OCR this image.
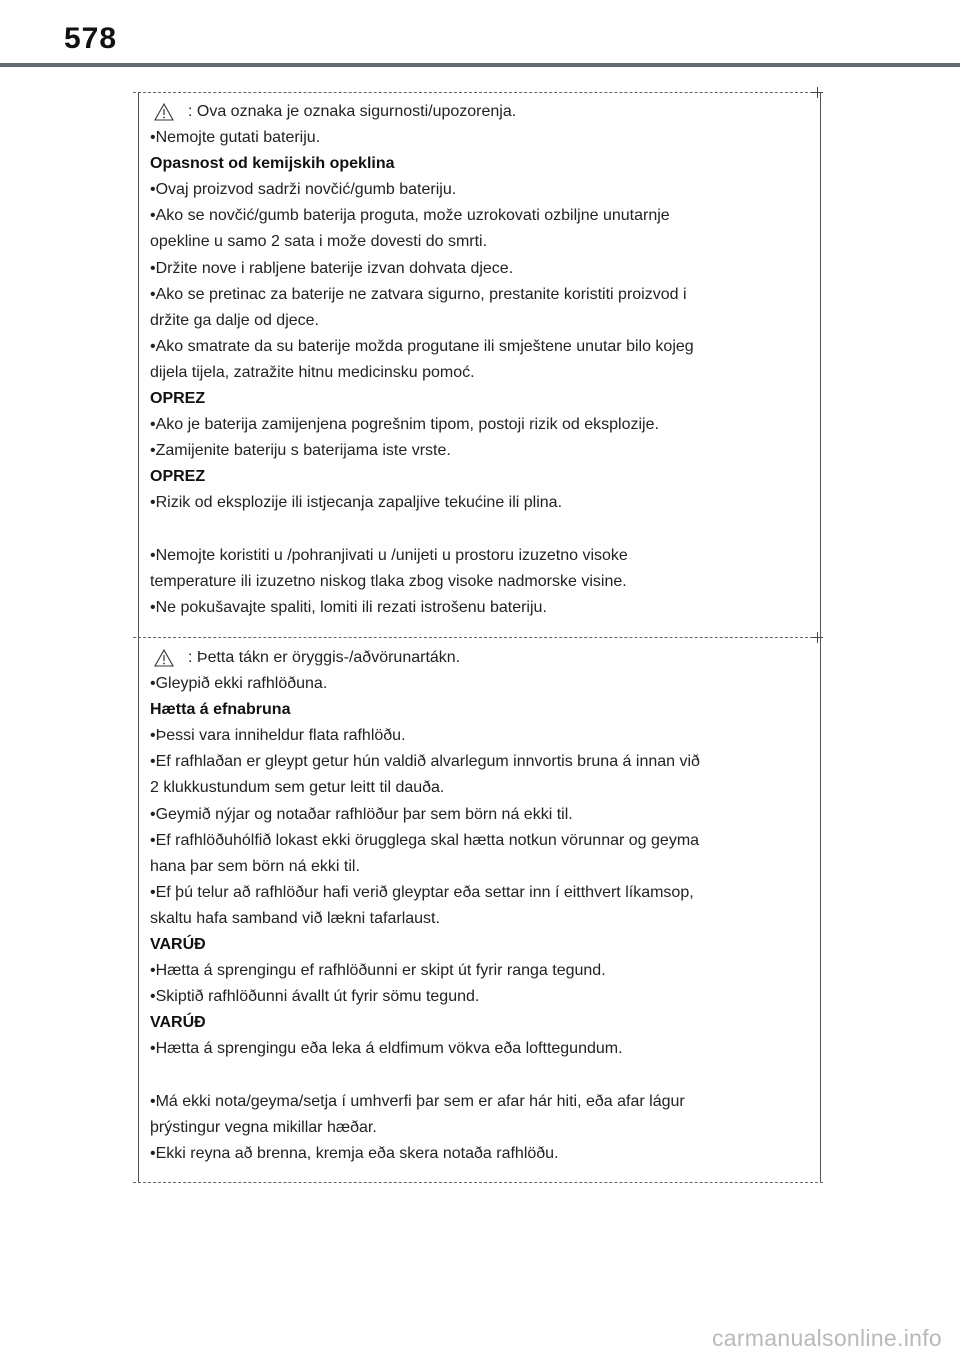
578

: Ova oznaka je oznaka sigurnosti/upozorenja.

•Nemojte gutati bateriju.

Opasnost od kemijskih opeklina

•Ovaj proizvod sadrži novčić/gumb bateriju.

•Ako se novčić/gumb baterija proguta, može uzrokovati ozbiljne unutarnje

opekline u samo 2 sata i može dovesti do smrti.

•Držite nove i rabljene baterije izvan dohvata djece.

•Ako se pretinac za baterije ne zatvara sigurno, prestanite koristiti proizvod i

držite ga dalje od djece.

•Ako smatrate da su baterije možda progutane ili smještene unutar bilo kojeg

dijela tijela, zatražite hitnu medicinsku pomoć.

OPREZ

•Ako je baterija zamijenjena pogrešnim tipom, postoji rizik od eksplozije.

•Zamijenite bateriju s baterijama iste vrste.

OPREZ

•Rizik od eksplozije ili istjecanja zapaljive tekućine ili plina.

•Nemojte koristiti u /pohranjivati u /unijeti u prostoru izuzetno visoke

temperature ili izuzetno niskog tlaka zbog visoke nadmorske visine.

•Ne pokušavajte spaliti, lomiti ili rezati istrošenu bateriju.

: Þetta tákn er öryggis-/aðvörunartákn.

•Gleypið ekki rafhlöðuna.

Hætta á efnabruna

•Þessi vara inniheldur flata rafhlöðu.

•Ef rafhlaðan er gleypt getur hún valdið alvarlegum innvortis bruna á innan við

2 klukkustundum sem getur leitt til dauða.

•Geymið nýjar og notaðar rafhlöður þar sem börn ná ekki til.

•Ef rafhlöðuhólfið lokast ekki örugglega skal hætta notkun vörunnar og geyma

hana þar sem börn ná ekki til.

•Ef þú telur að rafhlöður hafi verið gleyptar eða settar inn í eitthvert líkamsop,

skaltu hafa samband við lækni tafarlaust.

VARÚÐ

•Hætta á sprengingu ef rafhlöðunni er skipt út fyrir ranga tegund.

•Skiptið rafhlöðunni ávallt út fyrir sömu tegund.

VARÚÐ

•Hætta á sprengingu eða leka á eldfimum vökva eða lofttegundum.

•Má ekki nota/geyma/setja í umhverfi þar sem er afar hár hiti, eða afar lágur

þrýstingur vegna mikillar hæðar.

•Ekki reyna að brenna, kremja eða skera notaða rafhlöðu.

carmanualsonline.info
